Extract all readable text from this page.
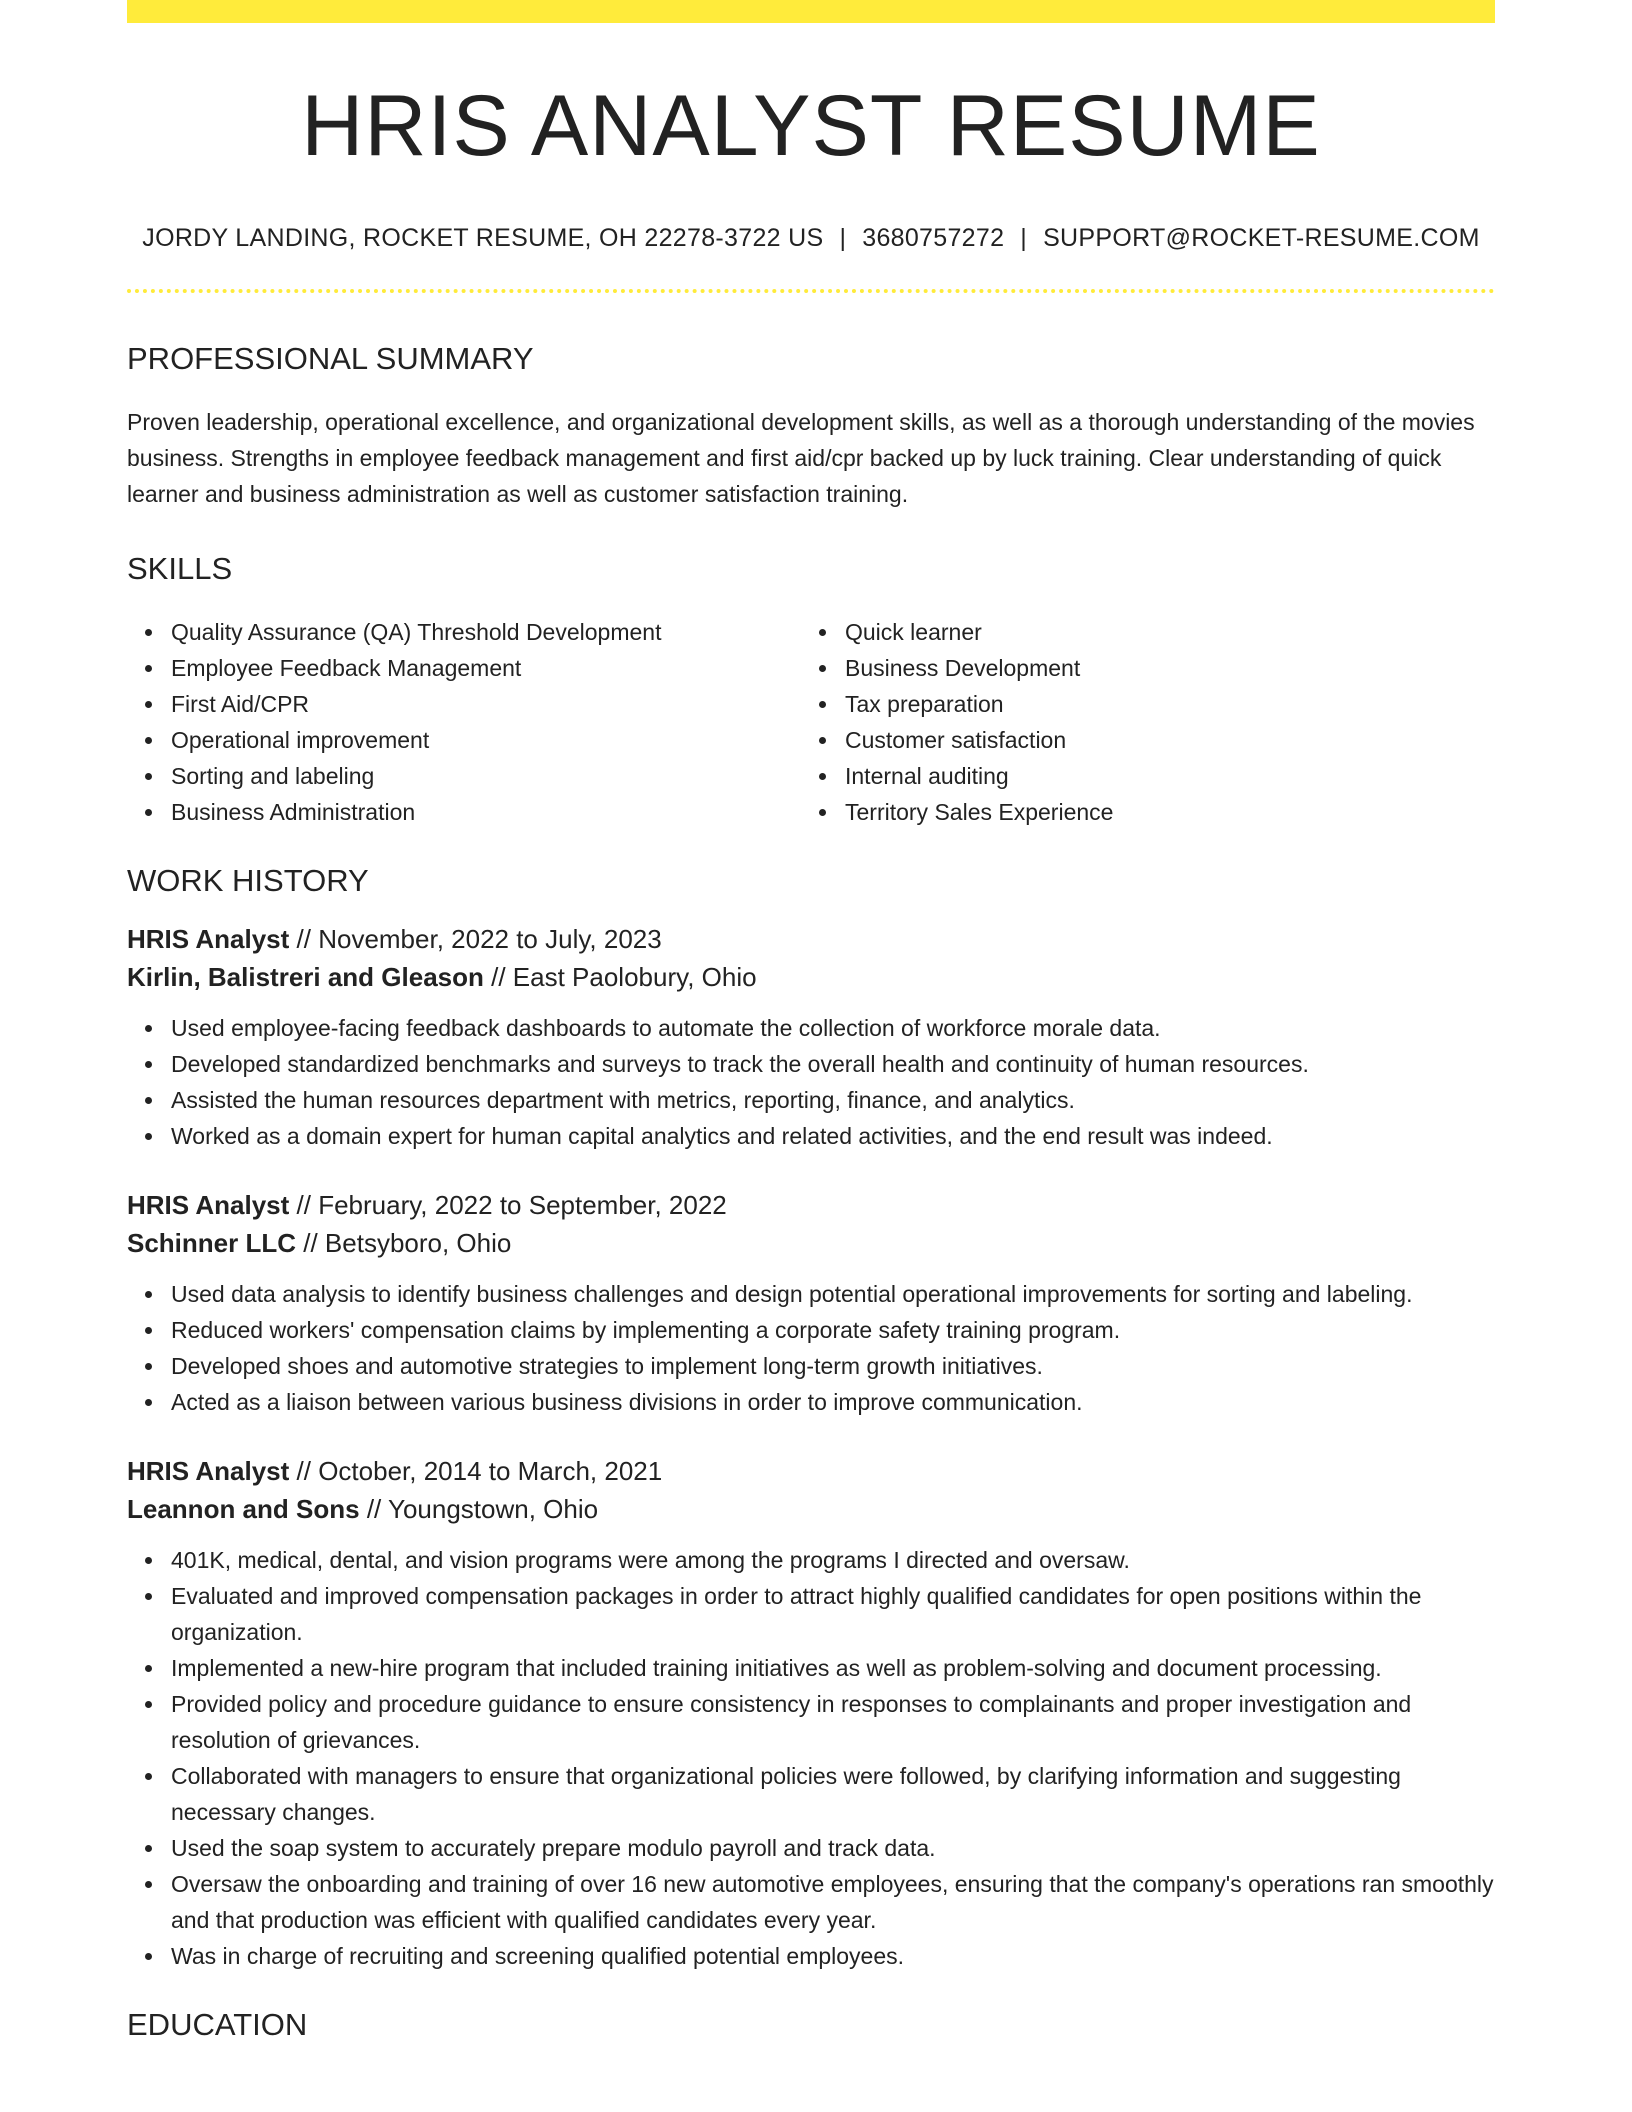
HRIS ANALYST RESUME
JORDY LANDING, ROCKET RESUME, OH 22278-3722 US | 3680757272 | SUPPORT@ROCKET-RESUME.COM
PROFESSIONAL SUMMARY

Proven leadership, operational excellence, and organizational development skills, as well as a thorough understanding of the movies business. Strengths in employee feedback management and first aid/cpr backed up by luck training. Clear understanding of quick learner and business administration as well as customer satisfaction training.

SKILLS
Quality Assurance (QA) Threshold Development
Employee Feedback Management
First Aid/CPR
Operational improvement
Sorting and labeling
Business Administration
Quick learner
Business Development
Tax preparation
Customer satisfaction
Internal auditing
Territory Sales Experience
WORK HISTORY
HRIS Analyst // November, 2022 to July, 2023
Kirlin, Balistreri and Gleason // East Paolobury, Ohio
Used employee-facing feedback dashboards to automate the collection of workforce morale data.
Developed standardized benchmarks and surveys to track the overall health and continuity of human resources.
Assisted the human resources department with metrics, reporting, finance, and analytics.
Worked as a domain expert for human capital analytics and related activities, and the end result was indeed.
HRIS Analyst // February, 2022 to September, 2022
Schinner LLC // Betsyboro, Ohio
Used data analysis to identify business challenges and design potential operational improvements for sorting and labeling.
Reduced workers' compensation claims by implementing a corporate safety training program.
Developed shoes and automotive strategies to implement long-term growth initiatives.
Acted as a liaison between various business divisions in order to improve communication.
HRIS Analyst // October, 2014 to March, 2021
Leannon and Sons // Youngstown, Ohio
401K, medical, dental, and vision programs were among the programs I directed and oversaw.
Evaluated and improved compensation packages in order to attract highly qualified candidates for open positions within the organization.
Implemented a new-hire program that included training initiatives as well as problem-solving and document processing.
Provided policy and procedure guidance to ensure consistency in responses to complainants and proper investigation and resolution of grievances.
Collaborated with managers to ensure that organizational policies were followed, by clarifying information and suggesting necessary changes.
Used the soap system to accurately prepare modulo payroll and track data.
Oversaw the onboarding and training of over 16 new automotive employees, ensuring that the company's operations ran smoothly and that production was efficient with qualified candidates every year.
Was in charge of recruiting and screening qualified potential employees.
EDUCATION
